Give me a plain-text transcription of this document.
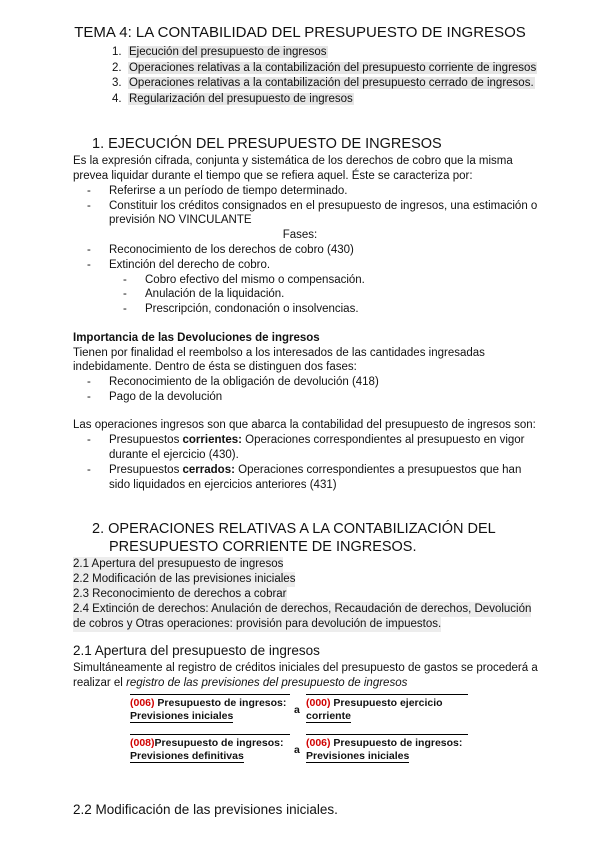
TEMA 4: LA CONTABILIDAD DEL PRESUPUESTO DE INGRESOS
1. Ejecución del presupuesto de ingresos
2. Operaciones relativas a la contabilización del presupuesto corriente de ingresos
3. Operaciones relativas a la contabilización del presupuesto cerrado de ingresos.
4. Regularización del presupuesto de ingresos
1. EJECUCIÓN DEL PRESUPUESTO DE INGRESOS
Es la expresión cifrada, conjunta y sistemática de los derechos de cobro que la misma
prevea liquidar durante el tiempo que se refiera aquel. Éste se caracteriza por:
- Referirse a un período de tiempo determinado.
- Constituir los créditos consignados en el presupuesto de ingresos, una estimación o
previsión NO VINCULANTE
Fases:
- Reconocimiento de los derechos de cobro (430)
- Extinción del derecho de cobro.
- Cobro efectivo del mismo o compensación.
- Anulación de la liquidación.
- Prescripción, condonación o insolvencias.
Importancia de las Devoluciones de ingresos
Tienen por finalidad el reembolso a los interesados de las cantidades ingresadas
indebidamente. Dentro de ésta se distinguen dos fases:
- Reconocimiento de la obligación de devolución (418)
- Pago de la devolución
Las operaciones ingresos son que abarca la contabilidad del presupuesto de ingresos son:
- Presupuestos corrientes: Operaciones correspondientes al presupuesto en vigor
durante el ejercicio (430).
- Presupuestos cerrados: Operaciones correspondientes a presupuestos que han
sido liquidados en ejercicios anteriores (431)
2. OPERACIONES RELATIVAS A LA CONTABILIZACIÓN DEL
PRESUPUESTO CORRIENTE DE INGRESOS.
2.1 Apertura del presupuesto de ingresos
2.2 Modificación de las previsiones iniciales
2.3 Reconocimiento de derechos a cobrar
2.4 Extinción de derechos: Anulación de derechos, Recaudación de derechos, Devolución
de cobros y Otras operaciones: provisión para devolución de impuestos.
2.1 Apertura del presupuesto de ingresos
Simultáneamente al registro de créditos iniciales del presupuesto de gastos se procederá a
realizar el registro de las previsiones del presupuesto de ingresos
(006) Presupuesto de ingresos:
Previsiones iniciales	a
(000) Presupuesto ejercicio
corriente
(008)Presupuesto de ingresos:
Previsiones definitivas	a
(006) Presupuesto de ingresos:
Previsiones iniciales
2.2 Modificación de las previsiones iniciales.
